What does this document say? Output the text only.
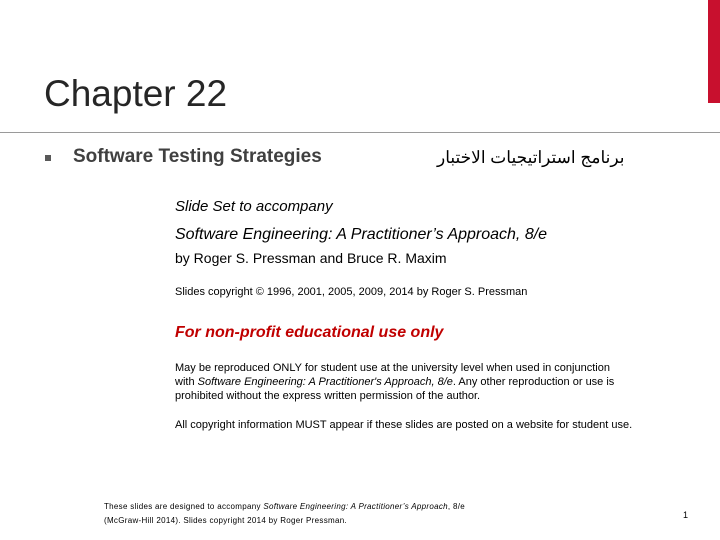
Chapter 22
Software Testing Strategies	برنامج استراتيجيات الاختبار
Slide Set to accompany
Software Engineering: A Practitioner’s Approach, 8/e
by Roger S. Pressman and Bruce R. Maxim
Slides copyright © 1996, 2001, 2005, 2009, 2014 by Roger S. Pressman
For non-profit educational use only
May be reproduced ONLY for student use at the university level when used in conjunction
with Software Engineering: A Practitioner's Approach, 8/e. Any other reproduction or use is
prohibited without the express written permission of the author.
All copyright information MUST appear if these slides are posted on a website for student use.
These slides are designed to accompany Software Engineering: A Practitioner’s Approach, 8/e
(McGraw-Hill 2014). Slides copyright 2014 by Roger Pressman.
1
